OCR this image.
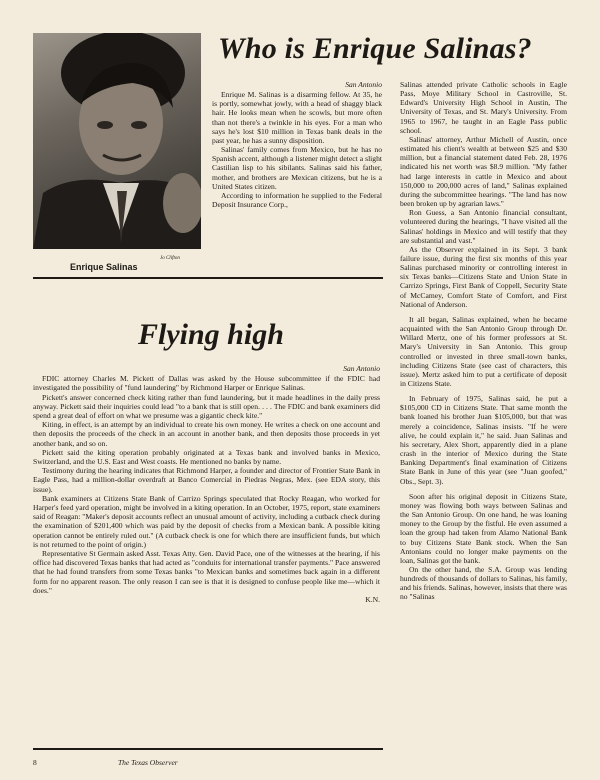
Jo Clifton
Enrique Salinas
Who is Enrique Salinas?
San Antonio

Enrique M. Salinas is a disarming fellow. At 35, he is portly, somewhat jowly, with a head of shaggy black hair. He looks mean when he scowls, but more often than not there's a twinkle in his eyes. For a man who says he's lost $10 million in Texas bank deals in the past year, he has a sunny disposition.

Salinas' family comes from Mexico, but he has no Spanish accent, although a listener might detect a slight Castilian lisp to his sibilants. Salinas said his father, mother, and brothers are Mexican citizens, but he is a United States citizen.

According to information he supplied to the Federal Deposit Insurance Corp.,

Flying high
San Antonio

FDIC attorney Charles M. Pickett of Dallas was asked by the House subcommittee if the FDIC had investigated the possibility of "fund laundering" by Richmond Harper or Enrique Salinas.

Pickett's answer concerned check kiting rather than fund laundering, but it made headlines in the daily press anyway. Pickett said their inquiries could lead "to a bank that is still open. . . . The FDIC and bank examiners did spend a great deal of effort on what we presume was a gigantic check kite."

Kiting, in effect, is an attempt by an individual to create his own money. He writes a check on one account and then deposits the proceeds of the check in an account in another bank, and then deposits those proceeds in yet another bank, and so on.

Pickett said the kiting operation probably originated at a Texas bank and involved banks in Mexico, Switzerland, and the U.S. East and West coasts. He mentioned no banks by name.

Testimony during the hearing indicates that Richmond Harper, a founder and director of Frontier State Bank in Eagle Pass, had a million-dollar overdraft at Banco Comercial in Piedras Negras, Mex. (see EDA story, this issue).

Bank examiners at Citizens State Bank of Carrizo Springs speculated that Rocky Reagan, who worked for Harper's feed yard operation, might be involved in a kiting operation. In an October, 1975, report, state examiners said of Reagan: "Maker's deposit accounts reflect an unusual amount of activity, including a cutback check during the examination of $201,400 which was paid by the deposit of checks from a Mexican bank. A possible kiting operation cannot be entirely ruled out." (A cutback check is one for which there are insufficient funds, but which is not returned to the point of origin.)

Representative St Germain asked Asst. Texas Atty. Gen. David Pace, one of the witnesses at the hearing, if his office had discovered Texas banks that had acted as "conduits for international transfer payments." Pace answered that he had found transfers from some Texas banks "to Mexican banks and sometimes back again in a different form for no apparent reason. The only reason I can see is that it is designed to confuse people like me—which it does."

K.N.

Salinas attended private Catholic schools in Eagle Pass, Moye Military School in Castroville, St. Edward's University High School in Austin, The University of Texas, and St. Mary's University. From 1965 to 1967, he taught in an Eagle Pass public school.

Salinas' attorney, Arthur Michell of Austin, once estimated his client's wealth at between $25 and $30 million, but a financial statement dated Feb. 28, 1976 indicated his net worth was $8.9 million. "My father had large interests in cattle in Mexico and about 150,000 to 200,000 acres of land," Salinas explained during the subcommittee hearings. "The land has now been broken up by agrarian laws."

Ron Guess, a San Antonio financial consultant, volunteered during the hearings, "I have visited all the Salinas' holdings in Mexico and will testify that they are substantial and vast."

As the Observer explained in its Sept. 3 bank failure issue, during the first six months of this year Salinas purchased minority or controlling interest in six Texas banks—Citizens State and Union State in Carrizo Springs, First Bank of Coppell, Security State of McCamey, Comfort State of Comfort, and First National of Anderson.

It all began, Salinas explained, when he became acquainted with the San Antonio Group through Dr. Willard Mertz, one of his former professors at St. Mary's University in San Antonio. This group controlled or invested in three small-town banks, including Citizens State (see cast of characters, this issue). Mertz asked him to put a certificate of deposit in Citizens State.

In February of 1975, Salinas said, he put a $105,000 CD in Citizens State. That same month the bank loaned his brother Juan $105,000, but that was merely a coincidence, Salinas insists. "If he were alive, he could explain it," he said. Juan Salinas and his secretary, Alex Short, apparently died in a plane crash in the interior of Mexico during the State Banking Department's final examination of Citizens State Bank in June of this year (see "Juan goofed," Obs., Sept. 3).

Soon after his original deposit in Citizens State, money was flowing both ways between Salinas and the San Antonio Group. On one hand, he was loaning money to the Group by the fistful. He even assumed a loan the group had taken from Alamo National Bank to buy Citizens State Bank stock. When the San Antonians could no longer make payments on the loan, Salinas got the bank.

On the other hand, the S.A. Group was lending hundreds of thousands of dollars to Salinas, his family, and his friends. Salinas, however, insists that there was no "Salinas

8	The Texas Observer
